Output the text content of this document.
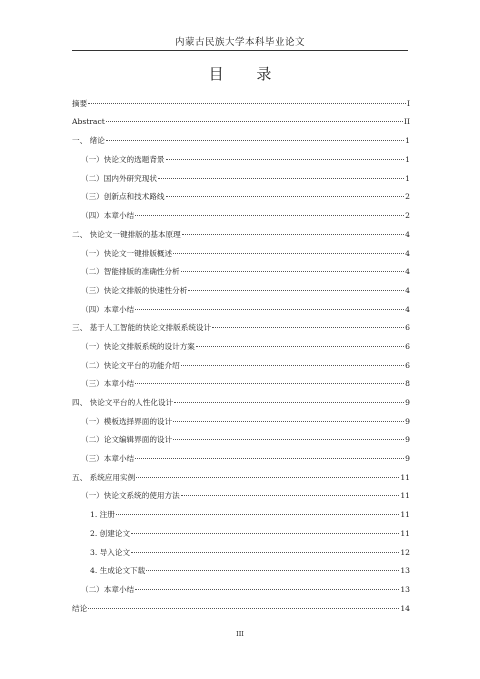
内蒙古民族大学本科毕业论文
目 录
摘要	I
Abstract	II
一、 绪论	1
（一）快论文的选题背景	1
（二）国内外研究现状	1
（三）创新点和技术路线	2
（四）本章小结	2
二、 快论文一键排版的基本原理	4
（一）快论文一键排版概述	4
（二）智能排版的准确性分析	4
（三）快论文排版的快速性分析	4
（四）本章小结	4
三、 基于人工智能的快论文排版系统设计	6
（一）快论文排版系统的设计方案	6
（二）快论文平台的功能介绍	6
（三）本章小结	8
四、 快论文平台的人性化设计	9
（一）模板选择界面的设计	9
（二）论文编辑界面的设计	9
（三）本章小结	9
五、 系统应用实例	11
（一）快论文系统的使用方法	11
1. 注册	11
2. 创建论文	11
3. 导入论文	12
4. 生成论文下载	13
（二）本章小结	13
结论	14
III
